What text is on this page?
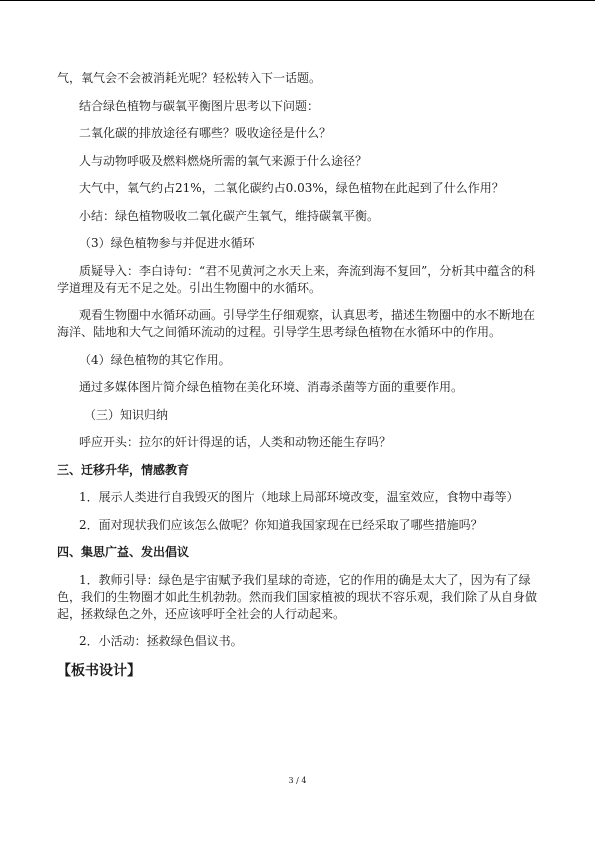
气，氧气会不会被消耗光呢？轻松转入下一话题。

结合绿色植物与碳氧平衡图片思考以下问题：

二氧化碳的排放途径有哪些？吸收途径是什么？

人与动物呼吸及燃料燃烧所需的氧气来源于什么途径？

大气中，氧气约占21%，二氧化碳约占0.03%，绿色植物在此起到了什么作用？

小结：绿色植物吸收二氧化碳产生氧气，维持碳氧平衡。

（3）绿色植物参与并促进水循环

质疑导入：李白诗句：“君不见黄河之水天上来，奔流到海不复回”，分析其中蕴含的科学道理及有无不足之处。引出生物圈中的水循环。

观看生物圈中水循环动画。引导学生仔细观察，认真思考，描述生物圈中的水不断地在海洋、陆地和大气之间循环流动的过程。引导学生思考绿色植物在水循环中的作用。

（4）绿色植物的其它作用。

通过多媒体图片简介绿色植物在美化环境、消毒杀菌等方面的重要作用。

（三）知识归纳

呼应开头：拉尔的奸计得逞的话，人类和动物还能生存吗？

三、迁移升华，情感教育

1．展示人类进行自我毁灭的图片（地球上局部环境改变，温室效应，食物中毒等）

2．面对现状我们应该怎么做呢？你知道我国家现在已经采取了哪些措施吗？

四、集思广益、发出倡议

1．教师引导：绿色是宇宙赋予我们星球的奇迹，它的作用的确是太大了，因为有了绿色，我们的生物圈才如此生机勃勃。然而我们国家植被的现状不容乐观，我们除了从自身做起，拯救绿色之外，还应该呼吁全社会的人行动起来。

2．小活动：拯救绿色倡议书。

【板书设计】

3 / 4
